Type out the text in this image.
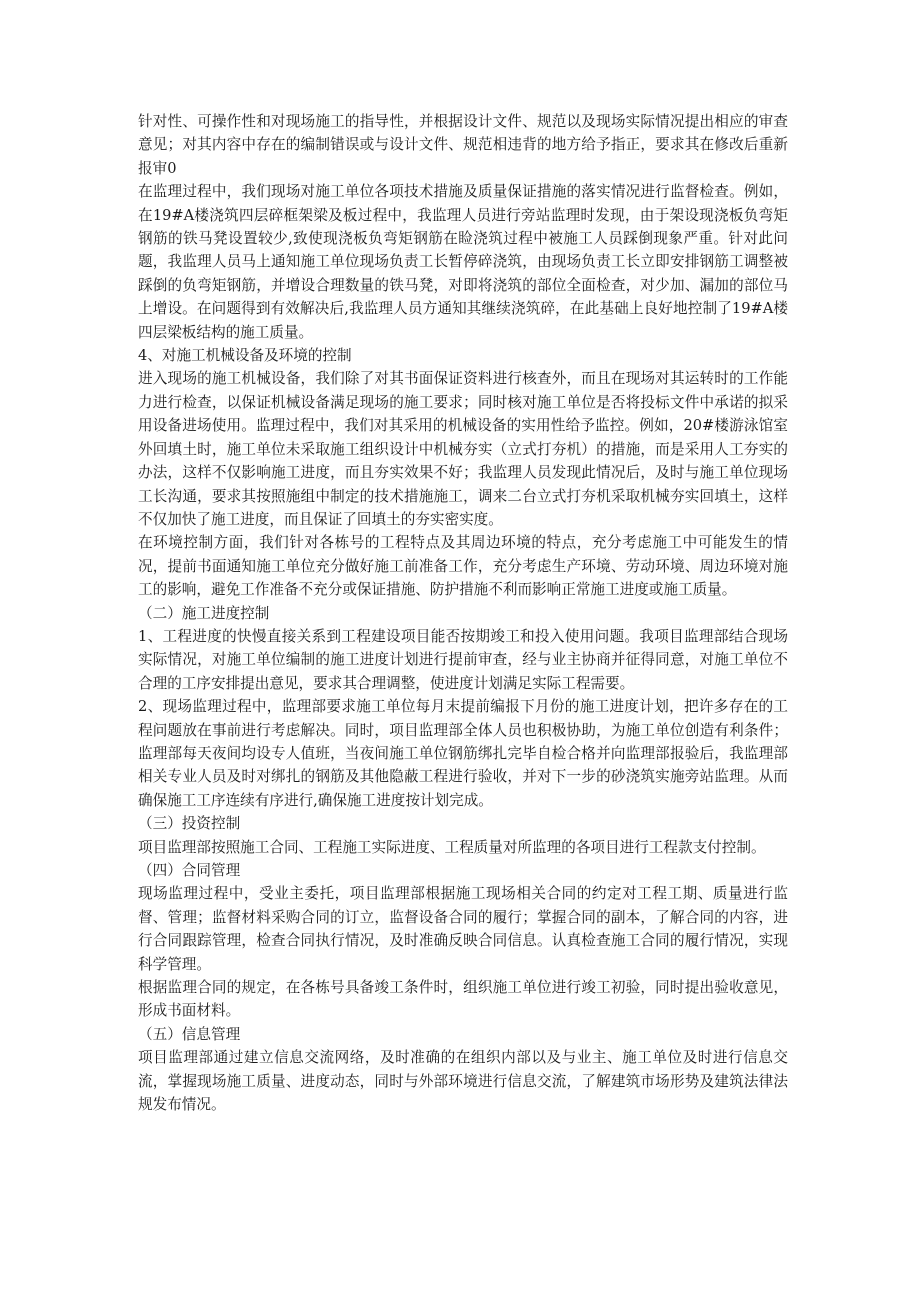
针对性、可操作性和对现场施工的指导性，并根据设计文件、规范以及现场实际情况提出相应的审查意见；对其内容中存在的编制错误或与设计文件、规范相违背的地方给予指正，要求其在修改后重新报审0

在监理过程中，我们现场对施工单位各项技术措施及质量保证措施的落实情况进行监督检查。例如，在19#A楼浇筑四层碎框架梁及板过程中，我监理人员进行旁站监理时发现，由于架设现浇板负弯矩钢筋的铁马凳设置较少,致使现浇板负弯矩钢筋在睑浇筑过程中被施工人员踩倒现象严重。针对此问题，我监理人员马上通知施工单位现场负责工长暂停碎浇筑，由现场负责工长立即安排钢筋工调整被踩倒的负弯矩钢筋，并增设合理数量的铁马凳，对即将浇筑的部位全面检查，对少加、漏加的部位马上增设。在问题得到有效解决后,我监理人员方通知其继续浇筑碎，在此基础上良好地控制了19#A楼四层梁板结构的施工质量。

4、对施工机械设备及环境的控制

进入现场的施工机械设备，我们除了对其书面保证资料进行核查外，而且在现场对其运转时的工作能力进行检查，以保证机械设备满足现场的施工要求；同时核对施工单位是否将投标文件中承诺的拟采用设备进场使用。监理过程中，我们对其采用的机械设备的实用性给予监控。例如，20#楼游泳馆室外回填土时，施工单位未采取施工组织设计中机械夯实（立式打夯机）的措施，而是采用人工夯实的办法，这样不仅影响施工进度，而且夯实效果不好；我监理人员发现此情况后，及时与施工单位现场工长沟通，要求其按照施组中制定的技术措施施工，调来二台立式打夯机采取机械夯实回填土，这样不仅加快了施工进度，而且保证了回填土的夯实密实度。

在环境控制方面，我们针对各栋号的工程特点及其周边环境的特点，充分考虑施工中可能发生的情况，提前书面通知施工单位充分做好施工前准备工作，充分考虑生产环境、劳动环境、周边环境对施工的影响，避免工作准备不充分或保证措施、防护措施不利而影响正常施工进度或施工质量。

（二）施工进度控制

1、工程进度的快慢直接关系到工程建设项目能否按期竣工和投入使用问题。我项目监理部结合现场实际情况，对施工单位编制的施工进度计划进行提前审查，经与业主协商并征得同意，对施工单位不合理的工序安排提出意见，要求其合理调整，使进度计划满足实际工程需要。

2、现场监理过程中，监理部要求施工单位每月末提前编报下月份的施工进度计划，把许多存在的工程问题放在事前进行考虑解决。同时，项目监理部全体人员也积极协助，为施工单位创造有利条件；监理部每天夜间均设专人值班，当夜间施工单位钢筋绑扎完毕自检合格并向监理部报验后，我监理部相关专业人员及时对绑扎的钢筋及其他隐蔽工程进行验收，并对下一步的砂浇筑实施旁站监理。从而确保施工工序连续有序进行,确保施工进度按计划完成。

（三）投资控制

项目监理部按照施工合同、工程施工实际进度、工程质量对所监理的各项目进行工程款支付控制。

（四）合同管理

现场监理过程中，受业主委托，项目监理部根据施工现场相关合同的约定对工程工期、质量进行监督、管理；监督材料采购合同的订立，监督设备合同的履行；掌握合同的副本，了解合同的内容，进行合同跟踪管理，检查合同执行情况，及时准确反映合同信息。认真检查施工合同的履行情况，实现科学管理。

根据监理合同的规定，在各栋号具备竣工条件时，组织施工单位进行竣工初验，同时提出验收意见，形成书面材料。

（五）信息管理

项目监理部通过建立信息交流网络，及时准确的在组织内部以及与业主、施工单位及时进行信息交流，掌握现场施工质量、进度动态，同时与外部环境进行信息交流，了解建筑市场形势及建筑法律法规发布情况。
